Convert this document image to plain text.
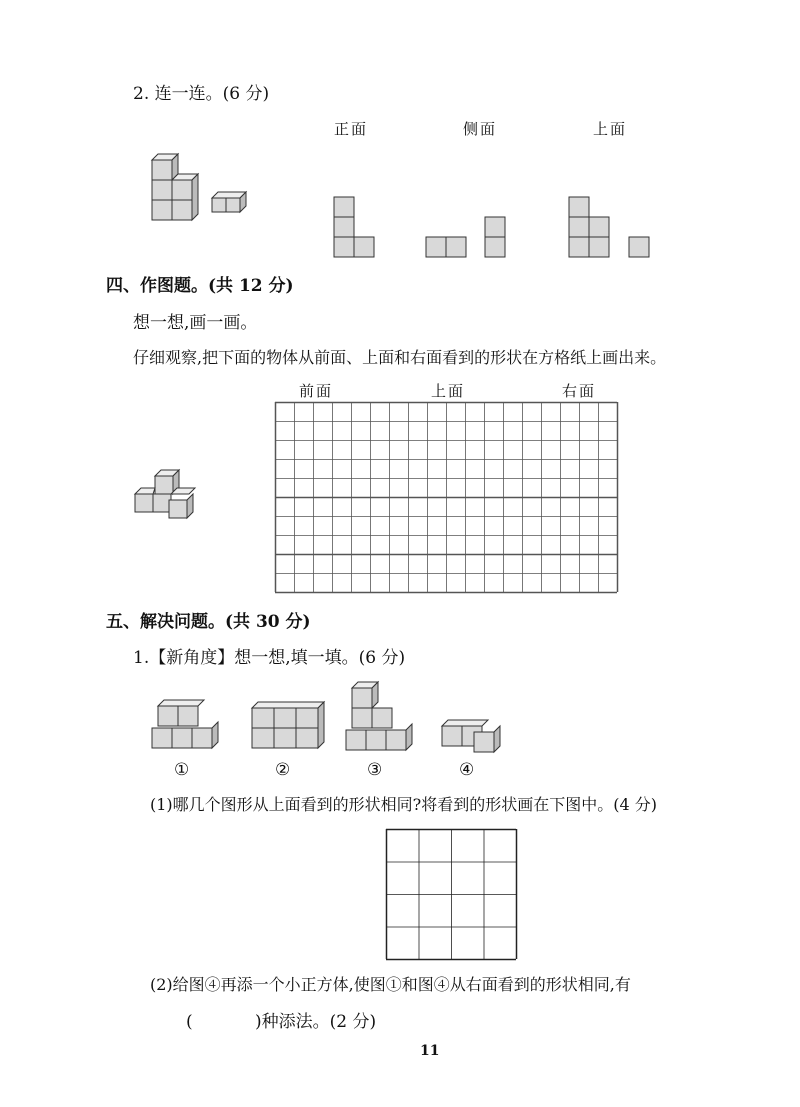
2. 连一连。(6 分)
正面	侧面	上面
四、作图题。(共 12 分)
想一想,画一画。
仔细观察,把下面的物体从前面、上面和右面看到的形状在方格纸上画出来。
前面	上面	右面
五、解决问题。(共 30 分)
1.【新角度】想一想,填一填。(6 分)
①	②	③	④
(1)哪几个图形从上面看到的形状相同?将看到的形状画在下图中。(4 分)
(2)给图④再添一个小正方体,使图①和图④从右面看到的形状相同,有
(	)种添法。(2 分)
11
